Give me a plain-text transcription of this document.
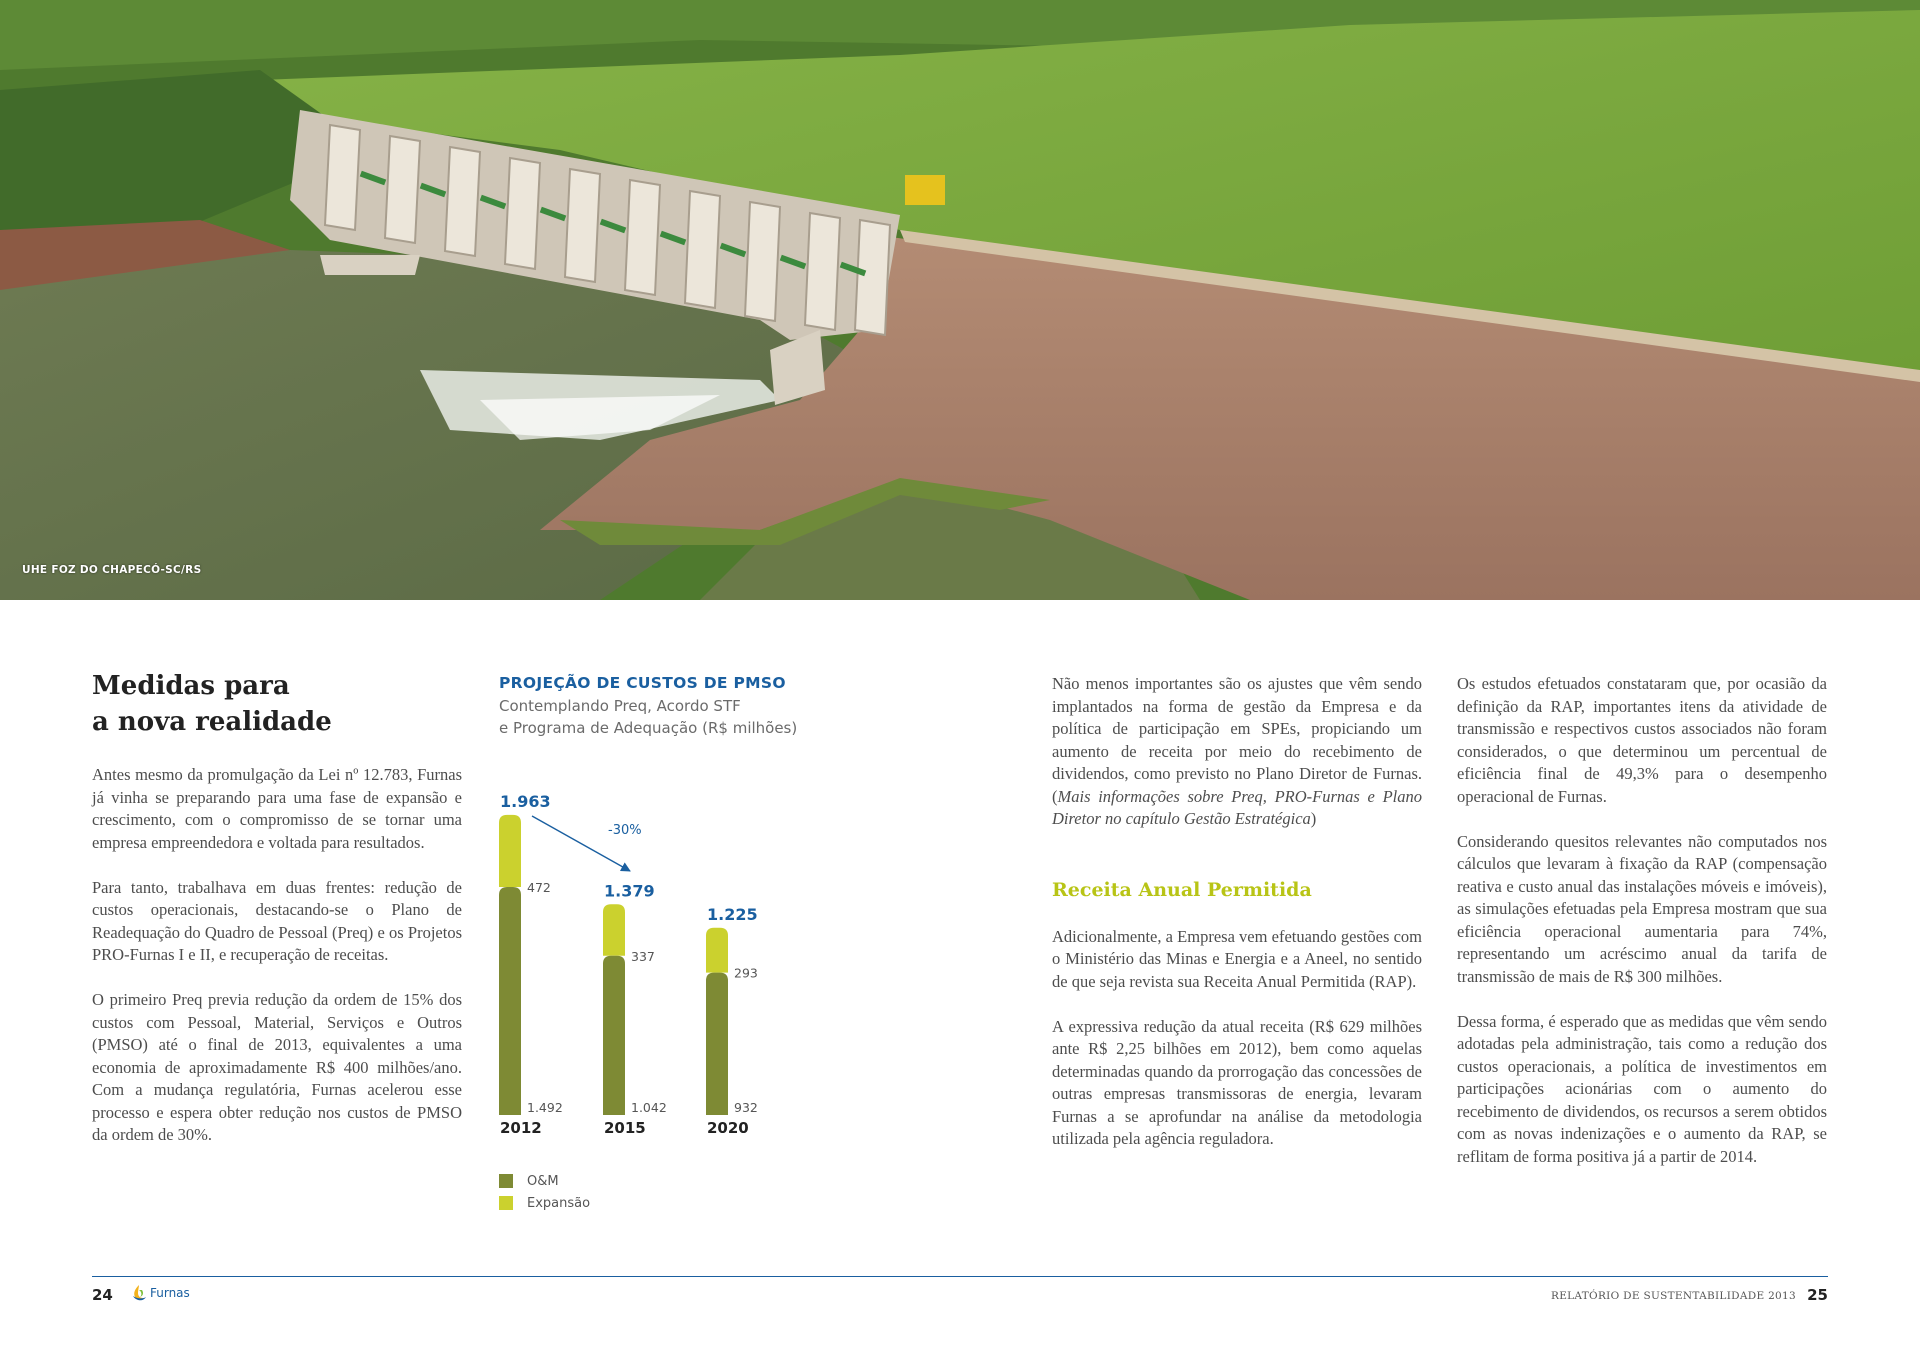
UHE FOZ DO CHAPECÓ-SC/RS
Medidas para
a nova realidade

Antes mesmo da promulgação da Lei nº 12.783, Furnas já vinha se preparando para uma fase de expansão e crescimento, com o compromisso de se tornar uma empresa empreendedora e voltada para resultados.

Para tanto, trabalhava em duas frentes: redução de custos operacionais, destacando-se o Plano de Readequação do Quadro de Pessoal (Preq) e os Projetos PRO-Furnas I e II, e recuperação de receitas.

O primeiro Preq previa redução da ordem de 15% dos custos com Pessoal, Material, Serviços e Outros (PMSO) até o final de 2013, equivalentes a uma economia de aproximadamente R$ 400 milhões/ano. Com a mudança regulatória, Furnas acelerou esse processo e espera obter redução nos custos de PMSO da ordem de 30%.

PROJEÇÃO DE CUSTOS DE PMSO
Contemplando Preq, Acordo STF
e Programa de Adequação (R$ milhões)
-30%
1.492
472
1.963
2012
1.042
337
1.379
2015
932
293
1.225
2020
O&M
Expansão

Não menos importantes são os ajustes que vêm sendo implantados na forma de gestão da Empresa e da política de participação em SPEs, propiciando um aumento de receita por meio do recebimento de dividendos, como previsto no Plano Diretor de Furnas. (Mais informações sobre Preq, PRO-Furnas e Plano Diretor no capítulo Gestão Estratégica)

Receita Anual Permitida

Adicionalmente, a Empresa vem efetuando gestões com o Ministério das Minas e Energia e a Aneel, no sentido de que seja revista sua Receita Anual Permitida (RAP).

A expressiva redução da atual receita (R$ 629 milhões ante R$ 2,25 bilhões em 2012), bem como aquelas determinadas quando da prorrogação das concessões de outras empresas transmissoras de energia, levaram Furnas a se aprofundar na análise da metodologia utilizada pela agência reguladora.

Os estudos efetuados constataram que, por ocasião da definição da RAP, importantes itens da atividade de transmissão e respectivos custos associados não foram considerados, o que determinou um percentual de eficiência final de 49,3% para o desempenho operacional de Furnas.

Considerando quesitos relevantes não computados nos cálculos que levaram à fixação da RAP (compensação reativa e custo anual das instalações móveis e imóveis), as simulações efetuadas pela Empresa mostram que sua eficiência operacional aumentaria para 74%, representando um acréscimo anual da tarifa de transmissão de mais de R$ 300 milhões.

Dessa forma, é esperado que as medidas que vêm sendo adotadas pela administração, tais como a redução dos custos operacionais, a política de investimentos em participações acionárias com o aumento do recebimento de dividendos, os recursos a serem obtidos com as novas indenizações e o aumento da RAP, se reflitam de forma positiva já a partir de 2014.

24	Furnas	RELATÓRIO DE SUSTENTABILIDADE 2013 25
